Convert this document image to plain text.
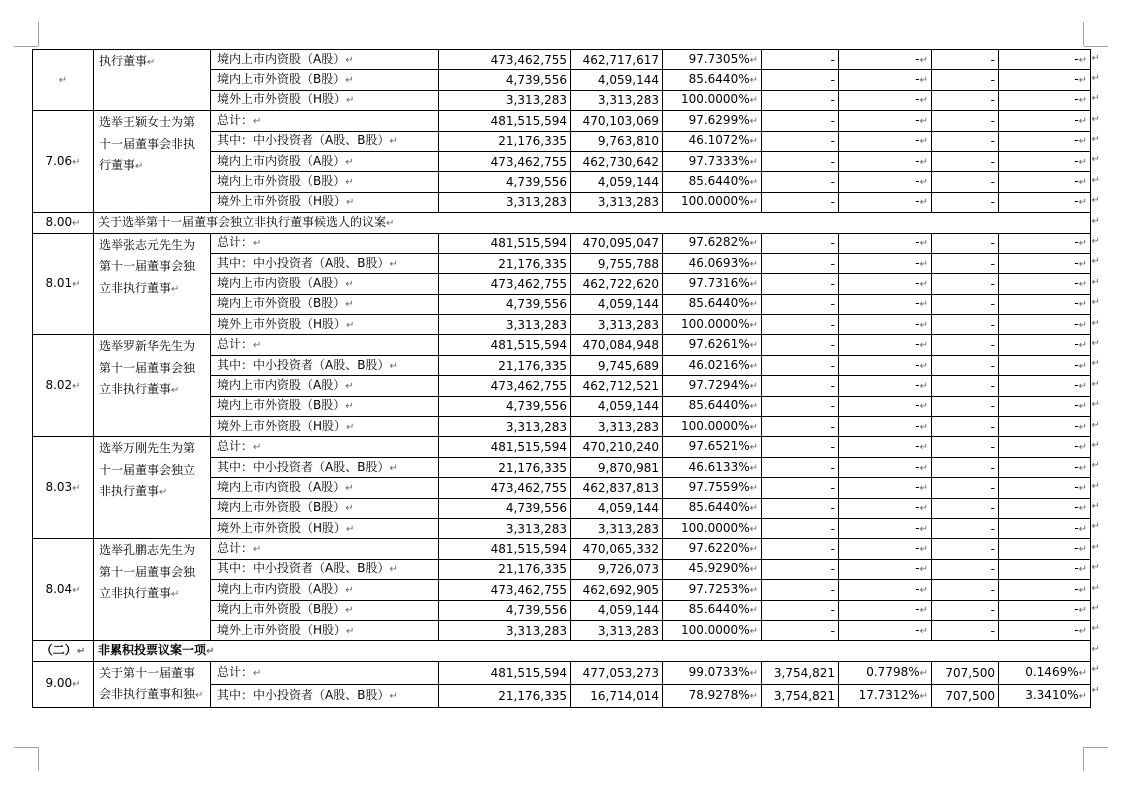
↵	执行董事↵	境内上市内资股（A股）↵	473,462,755	462,717,617	97.7305%↵	-	-↵	-	-↵
		境内上市外资股（B股）↵	4,739,556	4,059,144	85.6440%↵	-	-↵	-	-↵
		境外上市外资股（H股）↵	3,313,283	3,313,283	100.0000%↵	-	-↵	-	-↵
7.06↵	选举王颖女士为第十一届董事会非执行董事↵	总计：↵	481,515,594	470,103,069	97.6299%↵	-	-↵	-	-↵
		其中：中小投资者（A股、B股）↵	21,176,335	9,763,810	46.1072%↵	-	-↵	-	-↵
		境内上市内资股（A股）↵	473,462,755	462,730,642	97.7333%↵	-	-↵	-	-↵
		境内上市外资股（B股）↵	4,739,556	4,059,144	85.6440%↵	-	-↵	-	-↵
		境外上市外资股（H股）↵	3,313,283	3,313,283	100.0000%↵	-	-↵	-	-↵
8.00↵	关于选举第十一届董事会独立非执行董事候选人的议案↵								
8.01↵	选举张志元先生为第十一届董事会独立非执行董事↵	总计：↵	481,515,594	470,095,047	97.6282%↵	-	-↵	-	-↵
		其中：中小投资者（A股、B股）↵	21,176,335	9,755,788	46.0693%↵	-	-↵	-	-↵
		境内上市内资股（A股）↵	473,462,755	462,722,620	97.7316%↵	-	-↵	-	-↵
		境内上市外资股（B股）↵	4,739,556	4,059,144	85.6440%↵	-	-↵	-	-↵
		境外上市外资股（H股）↵	3,313,283	3,313,283	100.0000%↵	-	-↵	-	-↵
8.02↵	选举罗新华先生为第十一届董事会独立非执行董事↵	总计：↵	481,515,594	470,084,948	97.6261%↵	-	-↵	-	-↵
		其中：中小投资者（A股、B股）↵	21,176,335	9,745,689	46.0216%↵	-	-↵	-	-↵
		境内上市内资股（A股）↵	473,462,755	462,712,521	97.7294%↵	-	-↵	-	-↵
		境内上市外资股（B股）↵	4,739,556	4,059,144	85.6440%↵	-	-↵	-	-↵
		境外上市外资股（H股）↵	3,313,283	3,313,283	100.0000%↵	-	-↵	-	-↵
8.03↵	选举万刚先生为第十一届董事会独立非执行董事↵	总计：↵	481,515,594	470,210,240	97.6521%↵	-	-↵	-	-↵
		其中：中小投资者（A股、B股）↵	21,176,335	9,870,981	46.6133%↵	-	-↵	-	-↵
		境内上市内资股（A股）↵	473,462,755	462,837,813	97.7559%↵	-	-↵	-	-↵
		境内上市外资股（B股）↵	4,739,556	4,059,144	85.6440%↵	-	-↵	-	-↵
		境外上市外资股（H股）↵	3,313,283	3,313,283	100.0000%↵	-	-↵	-	-↵
8.04↵	选举孔鹏志先生为第十一届董事会独立非执行董事↵	总计：↵	481,515,594	470,065,332	97.6220%↵	-	-↵	-	-↵
		其中：中小投资者（A股、B股）↵	21,176,335	9,726,073	45.9290%↵	-	-↵	-	-↵
		境内上市内资股（A股）↵	473,462,755	462,692,905	97.7253%↵	-	-↵	-	-↵
		境内上市外资股（B股）↵	4,739,556	4,059,144	85.6440%↵	-	-↵	-	-↵
		境外上市外资股（H股）↵	3,313,283	3,313,283	100.0000%↵	-	-↵	-	-↵
（二）↵	非累积投票议案一项↵								
9.00↵	关于第十一届董事会非执行董事和独↵	总计：↵	481,515,594	477,053,273	99.0733%↵	3,754,821	0.7798%↵	707,500	0.1469%↵
		其中：中小投资者（A股、B股）↵	21,176,335	16,714,014	78.9278%↵	3,754,821	17.7312%↵	707,500	3.3410%↵
↵
↵
↵
↵
↵
↵
↵
↵
↵
↵
↵
↵
↵
↵
↵
↵
↵
↵
↵
↵
↵
↵
↵
↵
↵
↵
↵
↵
↵
↵
↵
↵
